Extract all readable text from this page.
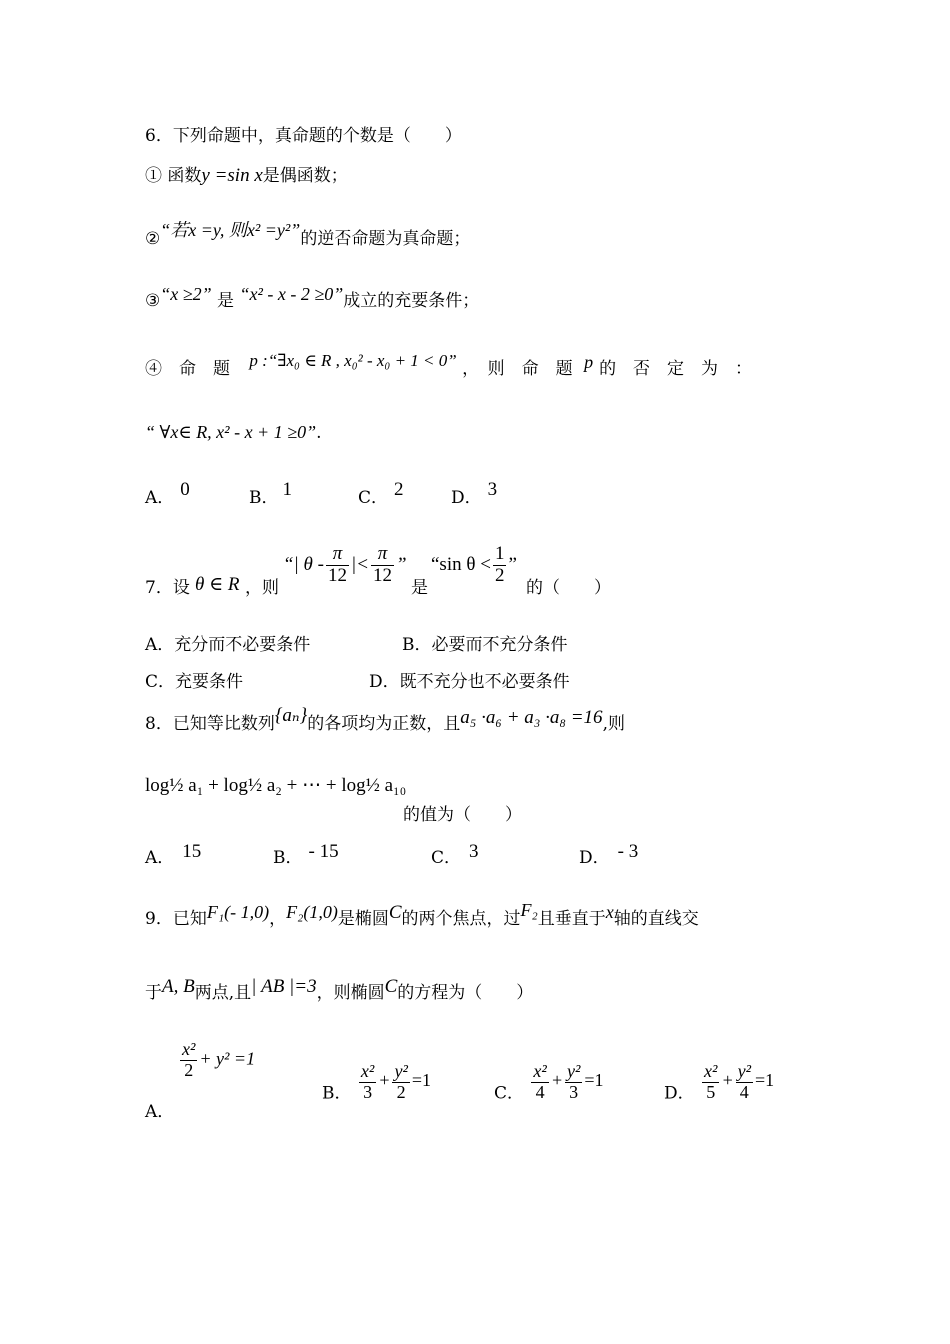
6．下列命题中，真命题的个数是（　　）
① 函数y =sin x是偶函数；
②“若x =y, 则x² =y²”的逆否命题为真命题；
③“x ≥2” 是 “x² - x - 2 ≥0”成立的充要条件；
④　命　题 p :“∃x₀ ∈ R , x₀² - x₀ + 1 < 0” ，　则　命　题 p 的　否　定　为　：
“ ∀x∈ R, x² - x + 1 ≥0”.
A． 0	B． 1	C． 2	D． 3
7．设 θ ∈ R ，则
“| θ - $\frac{\pi}{12}$ |< $\frac{\pi}{12}$ ”
是
“sin $\theta < \frac{1}{2}$ ”
的（　　）
A．充分而不必要条件	B．必要而不充分条件
C．充要条件	D．既不充分也不必要条件
8．已知等比数列{aₙ}的各项均为正数，且a₅ ·a₆ + a₃ ·a₈ =16,则
log½ a₁ + log½ a₂ + ⋯ + log½ a₁₀
的值为（　　）
A． 15	B． - 15	C． 3	D． - 3
9．已知F₁(- 1,0)，F₂(1,0)是椭圆C的两个焦点，过F₂且垂直于x轴的直线交
于A, B两点,且| AB |=3，则椭圆C的方程为（　　）
A．
$\frac{\text{x²}}{2} + y^2 =1$
B． $\frac{\text{x²}}{3} + \frac{\text{y²}}{2} =1$
C． $\frac{\text{x²}}{4} + \frac{\text{y²}}{3} =1$
D． $\frac{\text{x²}}{5} + \frac{\text{y²}}{4} =1$
